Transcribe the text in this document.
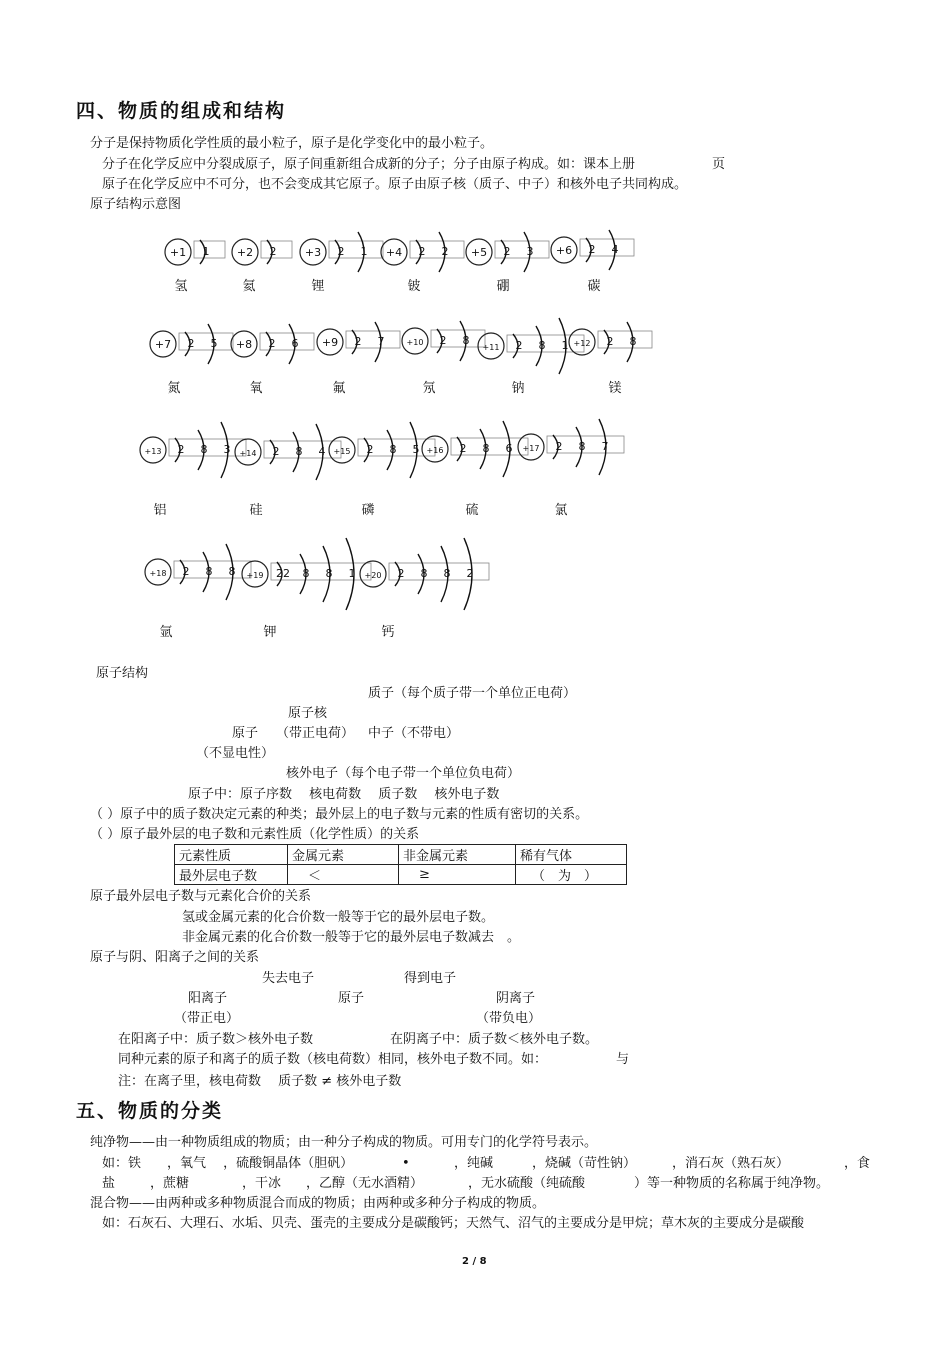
四、物质的组成和结构
分子是保持物质化学性质的最小粒子，原子是化学变化中的最小粒子。
分子在化学反应中分裂成原子，原子间重新组合成新的分子；分子由原子构成。如：课本上册	页
原子在化学反应中不可分，也不会变成其它原子。原子由原子核（质子、中子）和核外电子共同构成。
原子结构示意图
+1 1
氢
+2 2
氦
+3 2 1
锂
+4 2 2
铍
+5 2 3
硼
+6 2 4
碳
+7 2 5
氮
+8 2 6
氧
+9 2 7
氟
+10 2 8
氖
+11 2 8 1
钠
+12 2 8
镁
+13 2 8 3
铝
+14 2 8 4
硅
+15 2 8 5
磷
+16 2 8 6
硫
+17 2 8 7
氯
+18 2 8 8
氩
+19 22 8 8 1
钾
+20 2 8 8 2
钙
原子结构
质子（每个质子带一个单位正电荷）
原子核
原子 （带正电荷） 中子（不带电）
（不显电性）
核外电子（每个电子带一个单位负电荷）
原子中：原子序数　 核电荷数　 质子数　 核外电子数
（ ）原子中的质子数决定元素的种类；最外层上的电子数与元素的性质有密切的关系。
（ ）原子最外层的电子数和元素性质（化学性质）的关系
元素性质	金属元素	非金属元素	稀有气体
最外层电子数	＜	≥	（　为　）
原子最外层电子数与元素化合价的关系
氢或金属元素的化合价数一般等于它的最外层电子数。
非金属元素的化合价数一般等于它的最外层电子数减去　。
原子与阴、阳离子之间的关系
失去电子	得到电子
阳离子	原子	阴离子
（带正电）	（带负电）
在阳离子中：质子数＞核外电子数	在阴离子中：质子数＜核外电子数。
同种元素的原子和离子的质子数（核电荷数）相同，核外电子数不同。如：	与
注：在离子里，核电荷数　 质子数 ≠ 核外电子数
五、物质的分类
纯净物——由一种物质组成的物质；由一种分子构成的物质。可用专门的化学符号表示。
如：铁　　，氧气　 ，硫酸铜晶体（胆矾）	•	，纯碱	，烧碱（苛性钠）	，消石灰（熟石灰）	，食
盐	，蔗糖	，干冰 ，乙醇（无水酒精）	，无水硫酸（纯硫酸	）等一种物质的名称属于纯净物。
混合物——由两种或多种物质混合而成的物质；由两种或多种分子构成的物质。
如：石灰石、大理石、水垢、贝壳、蛋壳的主要成分是碳酸钙；天然气、沼气的主要成分是甲烷；草木灰的主要成分是碳酸
2 / 8
